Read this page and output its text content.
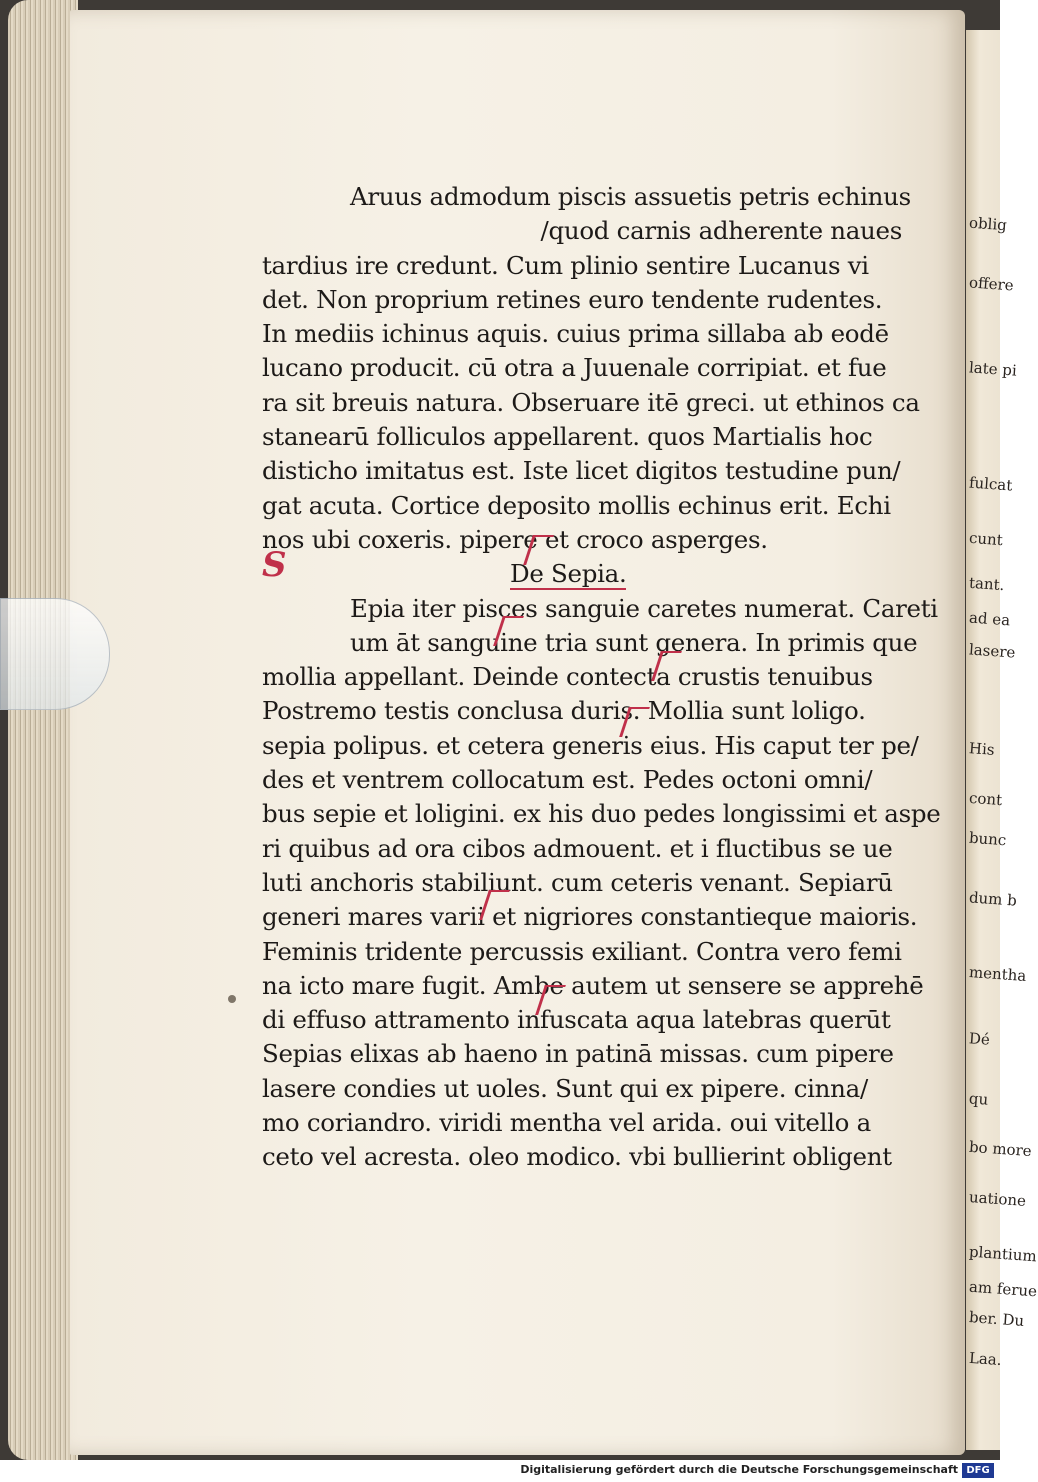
oblig
offere
late pi
fulcat
cunt
tant.
ad ea
lasere
His
cont
bunc
dum b
mentha
Dé
qu
bo more
uatione
plantium
am ferue
ber. Du
Laa.
Aruus admodum piscis assuetis petris echinus
/quod carnis adherente naues
tardius ire credunt. Cum plinio sentire Lucanus vi
det. Non proprium retines euro tendente rudentes.
In mediis ichinus aquis. cuius prima sillaba ab eodē
lucano producit. cū otra a Juuenale corripiat. et fue
ra sit breuis natura. Obseruare itē greci. ut ethinos ca
stanearū folliculos appellarent. quos Martialis hoc
disticho imitatus est. Iste licet digitos testudine pun/
gat acuta. Cortice deposito mollis echinus erit. Echi
nos ubi coxeris. pipere et croco asperges.
De Sepia.
Epia iter pisces sanguie caretes numerat. Careti
um āt sanguine tria sunt genera. In primis que
mollia appellant. Deinde contecta crustis tenuibus
Postremo testis conclusa duris. Mollia sunt loligo.
sepia polipus. et cetera generis eius. His caput ter pe/
des et ventrem collocatum est. Pedes octoni omni/
bus sepie et loligini. ex his duo pedes longissimi et aspe
ri quibus ad ora cibos admouent. et i fluctibus se ue
luti anchoris stabiliunt. cum ceteris venant. Sepiarū
generi mares varii et nigriores constantieque maioris.
Feminis tridente percussis exiliant. Contra vero femi
na icto mare fugit. Ambe autem ut sensere se apprehē
di effuso attramento infuscata aqua latebras querūt
Sepias elixas ab haeno in patinā missas. cum pipere
lasere condies ut uoles. Sunt qui ex pipere. cinna/
mo coriandro. viridi mentha vel arida. oui vitello a
ceto vel acresta. oleo modico. vbi bullierint obligent
S
Digitalisierung gefördert durch die Deutsche Forschungsgemeinschaft DFG
